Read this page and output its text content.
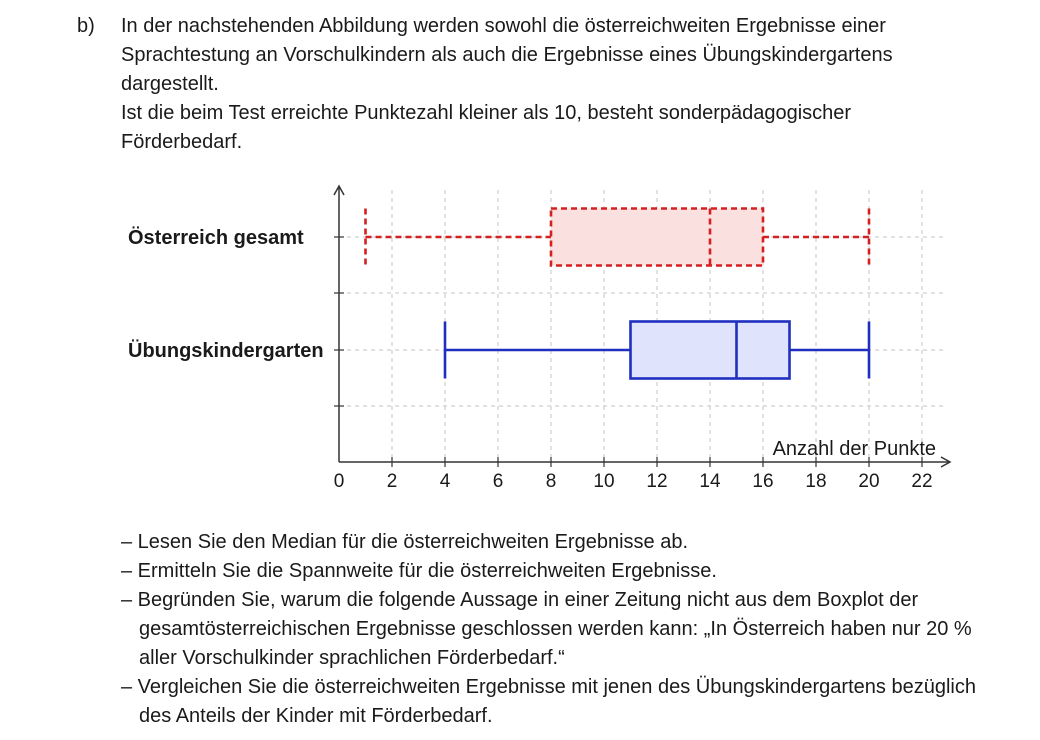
b) In der nachstehenden Abbildung werden sowohl die österreichweiten Ergebnisse einer

Sprachtestung an Vorschulkindern als auch die Ergebnisse eines Übungskindergartens

dargestellt.

Ist die beim Test erreichte Punktezahl kleiner als 10, besteht sonderpädagogischer

Förderbedarf.

0 2 4 6 8 10 12 14 16 18 20 22
Anzahl der Punkte
Österreich gesamt
Übungskindergarten
– Lesen Sie den Median für die österreichweiten Ergebnisse ab.
– Ermitteln Sie die Spannweite für die österreichweiten Ergebnisse.
– Begründen Sie, warum die folgende Aussage in einer Zeitung nicht aus dem Boxplot der gesamtösterreichischen Ergebnisse geschlossen werden kann: „In Österreich haben nur 20 % aller Vorschulkinder sprachlichen Förderbedarf.“
– Vergleichen Sie die österreichweiten Ergebnisse mit jenen des Übungskindergartens bezüglich des Anteils der Kinder mit Förderbedarf.
